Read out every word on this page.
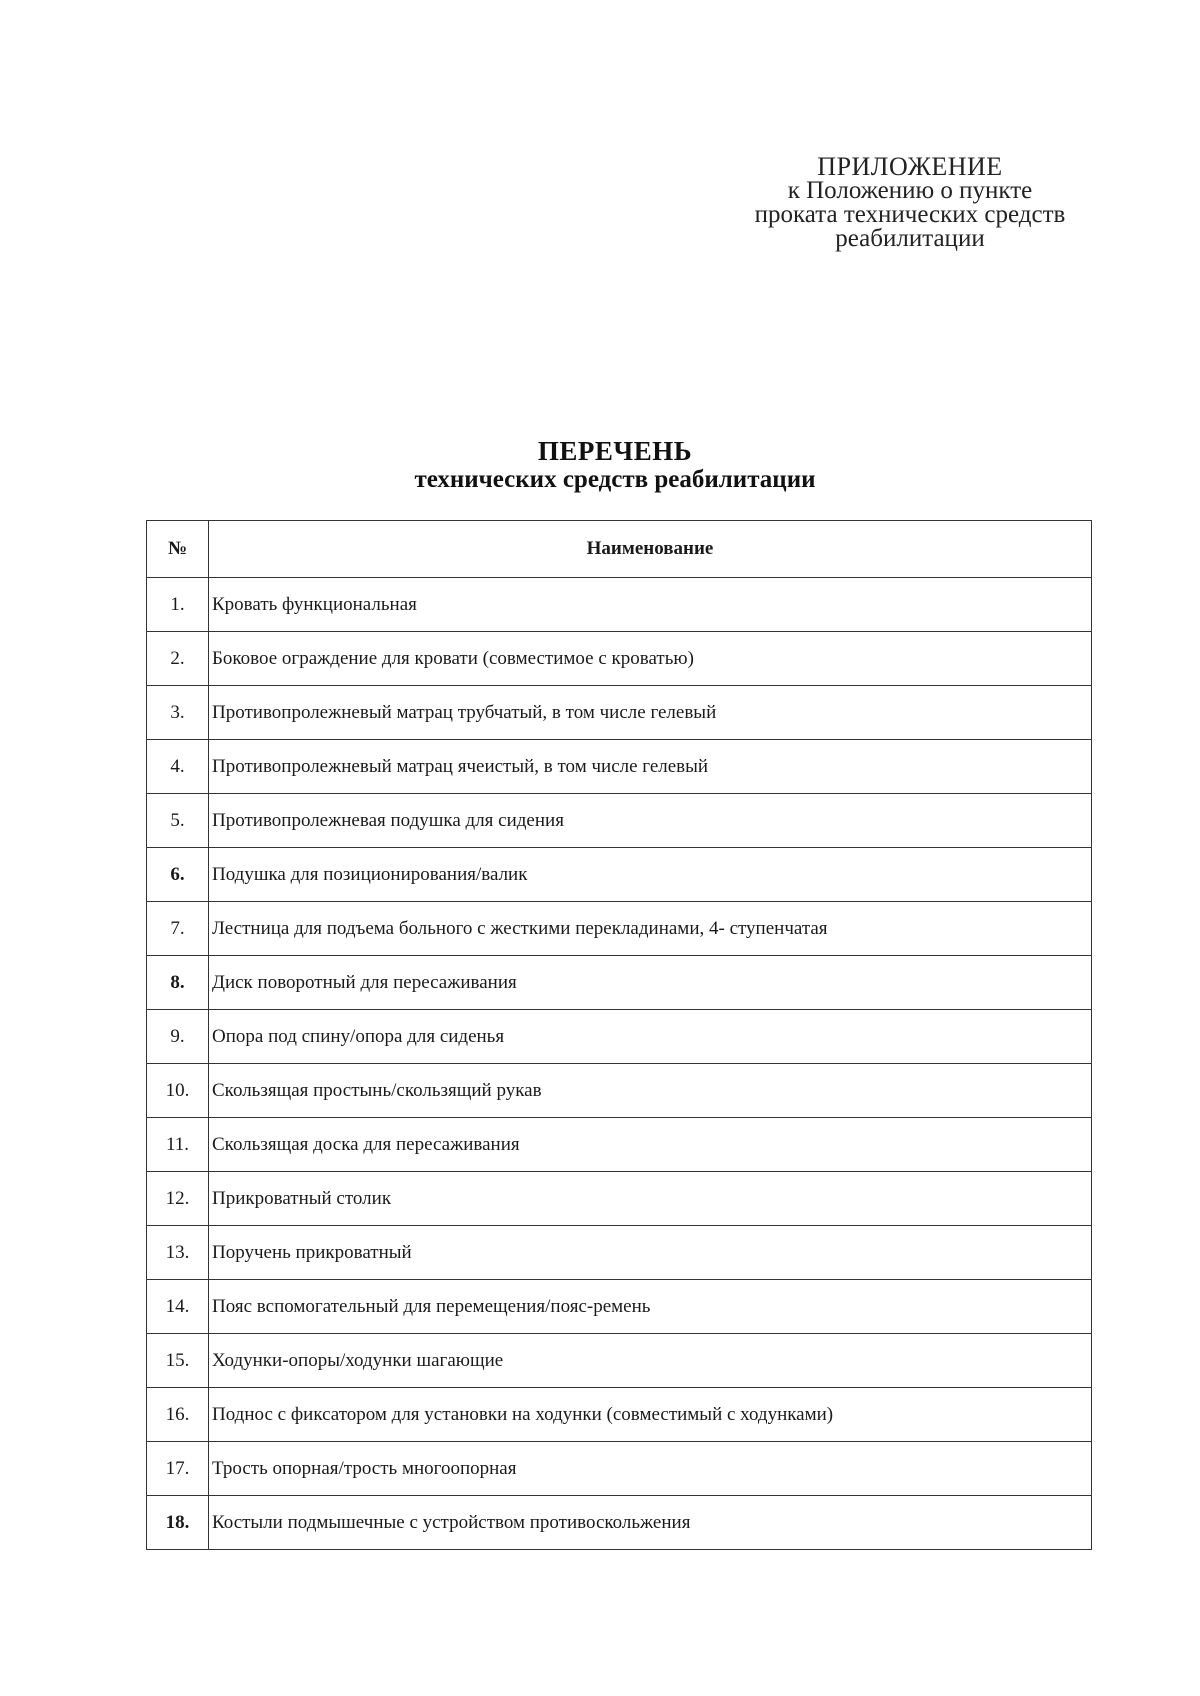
ПРИЛОЖЕНИЕ
к Положению о пункте
проката технических средств
реабилитации
ПЕРЕЧЕНЬ
технических средств реабилитации
№	Наименование
1.	Кровать функциональная
2.	Боковое ограждение для кровати (совместимое с кроватью)
3.	Противопролежневый матрац трубчатый, в том числе гелевый
4.	Противопролежневый матрац ячеистый, в том числе гелевый
5.	Противопролежневая подушка для сидения
6.	Подушка для позиционирования/валик
7.	Лестница для подъема больного с жесткими перекладинами, 4- ступенчатая
8.	Диск поворотный для пересаживания
9.	Опора под спину/опора для сиденья
10.	Скользящая простынь/скользящий рукав
11.	Скользящая доска для пересаживания
12.	Прикроватный столик
13.	Поручень прикроватный
14.	Пояс вспомогательный для перемещения/пояс-ремень
15.	Ходунки-опоры/ходунки шагающие
16.	Поднос с фиксатором для установки на ходунки (совместимый с ходунками)
17.	Трость опорная/трость многоопорная
18.	Костыли подмышечные с устройством противоскольжения
